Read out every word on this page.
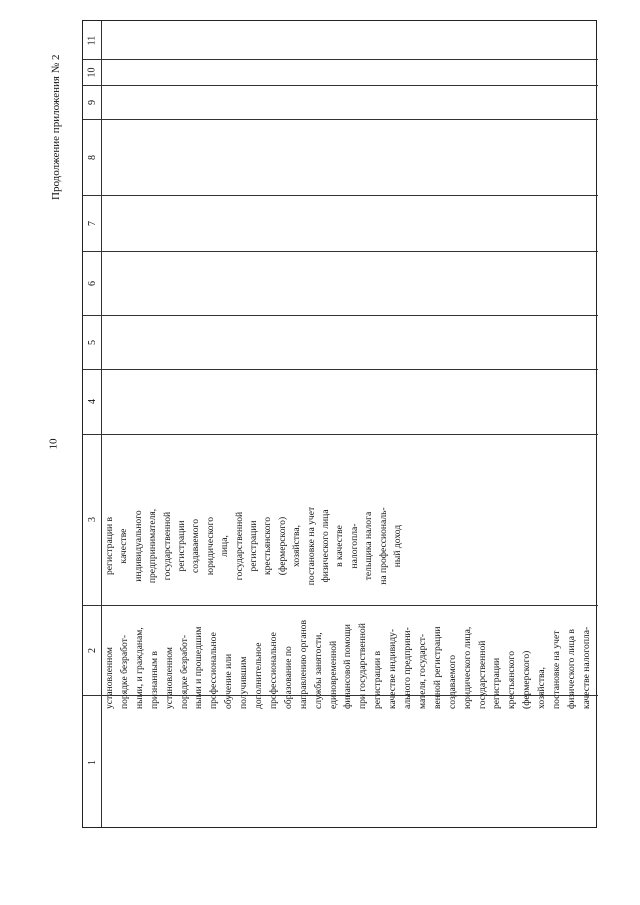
Продолжение приложения № 2
10
1
2
3
4
5
6
7
8
9
10
11
установленном порядке безработ- ными, и гражданам, признанным в установленном порядке безработ- ными и прошедшим профессиональное обучение или получившим дополнительное профессиональное образование по направлению органов службы занятости, единовременной финансовой помощи при государственной регистрации в качестве индивиду- ального предприни- мателя, государст- венной регистрации создаваемого юридического лица, государственной регистрации крестьянского (фермерского) хозяйства, постановке на учет физического лица в качестве налогопла-
регистрации в качестве индивидуального предпринимателя, государственной регистрации создаваемого юридического лица, государственной регистрации крестьянского (фермерского) хозяйства, постановке на учет физического лица в качестве налогопла- тельщика налога на профессиональ- ный доход
